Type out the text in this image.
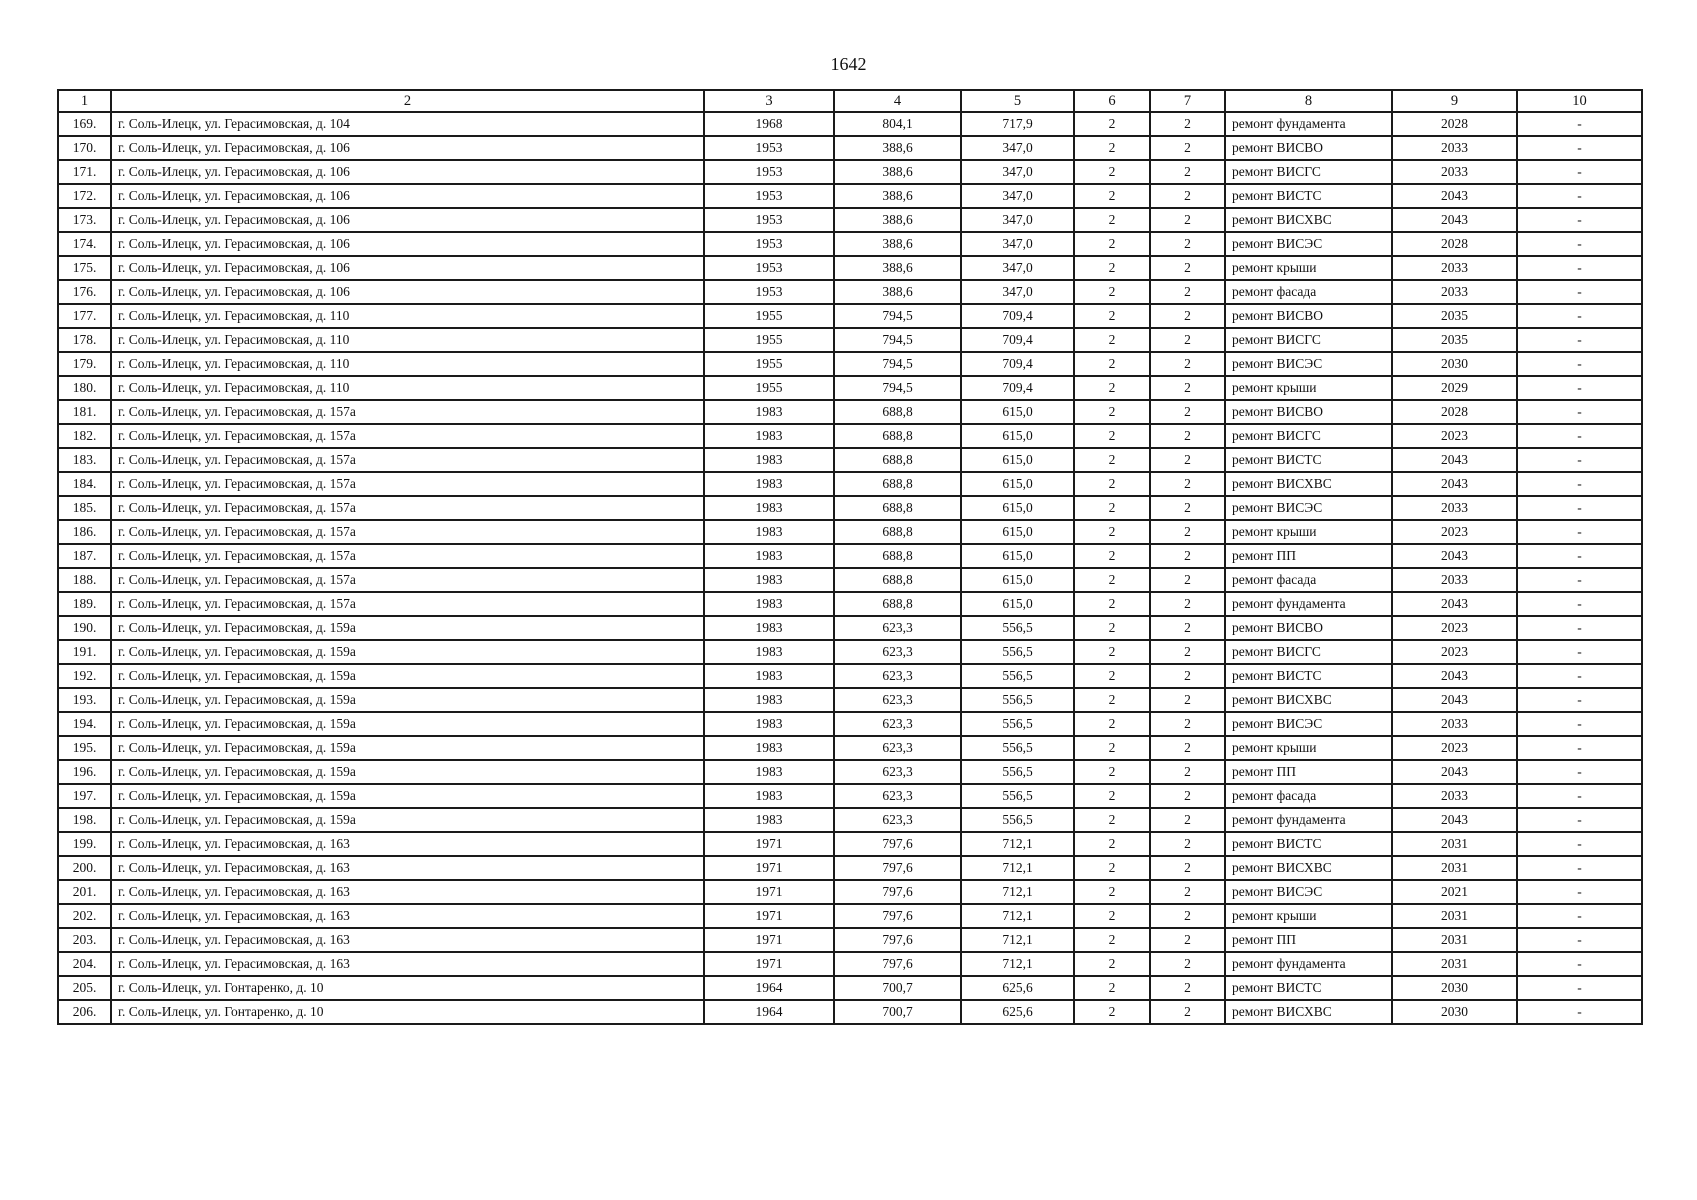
1642
1	2	3	4	5	6	7	8	9	10
169.	г. Соль-Илецк, ул. Герасимовская, д. 104	1968	804,1	717,9	2	2	ремонт фундамента	2028	-
170.	г. Соль-Илецк, ул. Герасимовская, д. 106	1953	388,6	347,0	2	2	ремонт ВИСВО	2033	-
171.	г. Соль-Илецк, ул. Герасимовская, д. 106	1953	388,6	347,0	2	2	ремонт ВИСГС	2033	-
172.	г. Соль-Илецк, ул. Герасимовская, д. 106	1953	388,6	347,0	2	2	ремонт ВИСТС	2043	-
173.	г. Соль-Илецк, ул. Герасимовская, д. 106	1953	388,6	347,0	2	2	ремонт ВИСХВС	2043	-
174.	г. Соль-Илецк, ул. Герасимовская, д. 106	1953	388,6	347,0	2	2	ремонт ВИСЭС	2028	-
175.	г. Соль-Илецк, ул. Герасимовская, д. 106	1953	388,6	347,0	2	2	ремонт крыши	2033	-
176.	г. Соль-Илецк, ул. Герасимовская, д. 106	1953	388,6	347,0	2	2	ремонт фасада	2033	-
177.	г. Соль-Илецк, ул. Герасимовская, д. 110	1955	794,5	709,4	2	2	ремонт ВИСВО	2035	-
178.	г. Соль-Илецк, ул. Герасимовская, д. 110	1955	794,5	709,4	2	2	ремонт ВИСГС	2035	-
179.	г. Соль-Илецк, ул. Герасимовская, д. 110	1955	794,5	709,4	2	2	ремонт ВИСЭС	2030	-
180.	г. Соль-Илецк, ул. Герасимовская, д. 110	1955	794,5	709,4	2	2	ремонт крыши	2029	-
181.	г. Соль-Илецк, ул. Герасимовская, д. 157а	1983	688,8	615,0	2	2	ремонт ВИСВО	2028	-
182.	г. Соль-Илецк, ул. Герасимовская, д. 157а	1983	688,8	615,0	2	2	ремонт ВИСГС	2023	-
183.	г. Соль-Илецк, ул. Герасимовская, д. 157а	1983	688,8	615,0	2	2	ремонт ВИСТС	2043	-
184.	г. Соль-Илецк, ул. Герасимовская, д. 157а	1983	688,8	615,0	2	2	ремонт ВИСХВС	2043	-
185.	г. Соль-Илецк, ул. Герасимовская, д. 157а	1983	688,8	615,0	2	2	ремонт ВИСЭС	2033	-
186.	г. Соль-Илецк, ул. Герасимовская, д. 157а	1983	688,8	615,0	2	2	ремонт крыши	2023	-
187.	г. Соль-Илецк, ул. Герасимовская, д. 157а	1983	688,8	615,0	2	2	ремонт ПП	2043	-
188.	г. Соль-Илецк, ул. Герасимовская, д. 157а	1983	688,8	615,0	2	2	ремонт фасада	2033	-
189.	г. Соль-Илецк, ул. Герасимовская, д. 157а	1983	688,8	615,0	2	2	ремонт фундамента	2043	-
190.	г. Соль-Илецк, ул. Герасимовская, д. 159а	1983	623,3	556,5	2	2	ремонт ВИСВО	2023	-
191.	г. Соль-Илецк, ул. Герасимовская, д. 159а	1983	623,3	556,5	2	2	ремонт ВИСГС	2023	-
192.	г. Соль-Илецк, ул. Герасимовская, д. 159а	1983	623,3	556,5	2	2	ремонт ВИСТС	2043	-
193.	г. Соль-Илецк, ул. Герасимовская, д. 159а	1983	623,3	556,5	2	2	ремонт ВИСХВС	2043	-
194.	г. Соль-Илецк, ул. Герасимовская, д. 159а	1983	623,3	556,5	2	2	ремонт ВИСЭС	2033	-
195.	г. Соль-Илецк, ул. Герасимовская, д. 159а	1983	623,3	556,5	2	2	ремонт крыши	2023	-
196.	г. Соль-Илецк, ул. Герасимовская, д. 159а	1983	623,3	556,5	2	2	ремонт ПП	2043	-
197.	г. Соль-Илецк, ул. Герасимовская, д. 159а	1983	623,3	556,5	2	2	ремонт фасада	2033	-
198.	г. Соль-Илецк, ул. Герасимовская, д. 159а	1983	623,3	556,5	2	2	ремонт фундамента	2043	-
199.	г. Соль-Илецк, ул. Герасимовская, д. 163	1971	797,6	712,1	2	2	ремонт ВИСТС	2031	-
200.	г. Соль-Илецк, ул. Герасимовская, д. 163	1971	797,6	712,1	2	2	ремонт ВИСХВС	2031	-
201.	г. Соль-Илецк, ул. Герасимовская, д. 163	1971	797,6	712,1	2	2	ремонт ВИСЭС	2021	-
202.	г. Соль-Илецк, ул. Герасимовская, д. 163	1971	797,6	712,1	2	2	ремонт крыши	2031	-
203.	г. Соль-Илецк, ул. Герасимовская, д. 163	1971	797,6	712,1	2	2	ремонт ПП	2031	-
204.	г. Соль-Илецк, ул. Герасимовская, д. 163	1971	797,6	712,1	2	2	ремонт фундамента	2031	-
205.	г. Соль-Илецк, ул. Гонтаренко, д. 10	1964	700,7	625,6	2	2	ремонт ВИСТС	2030	-
206.	г. Соль-Илецк, ул. Гонтаренко, д. 10	1964	700,7	625,6	2	2	ремонт ВИСХВС	2030	-
